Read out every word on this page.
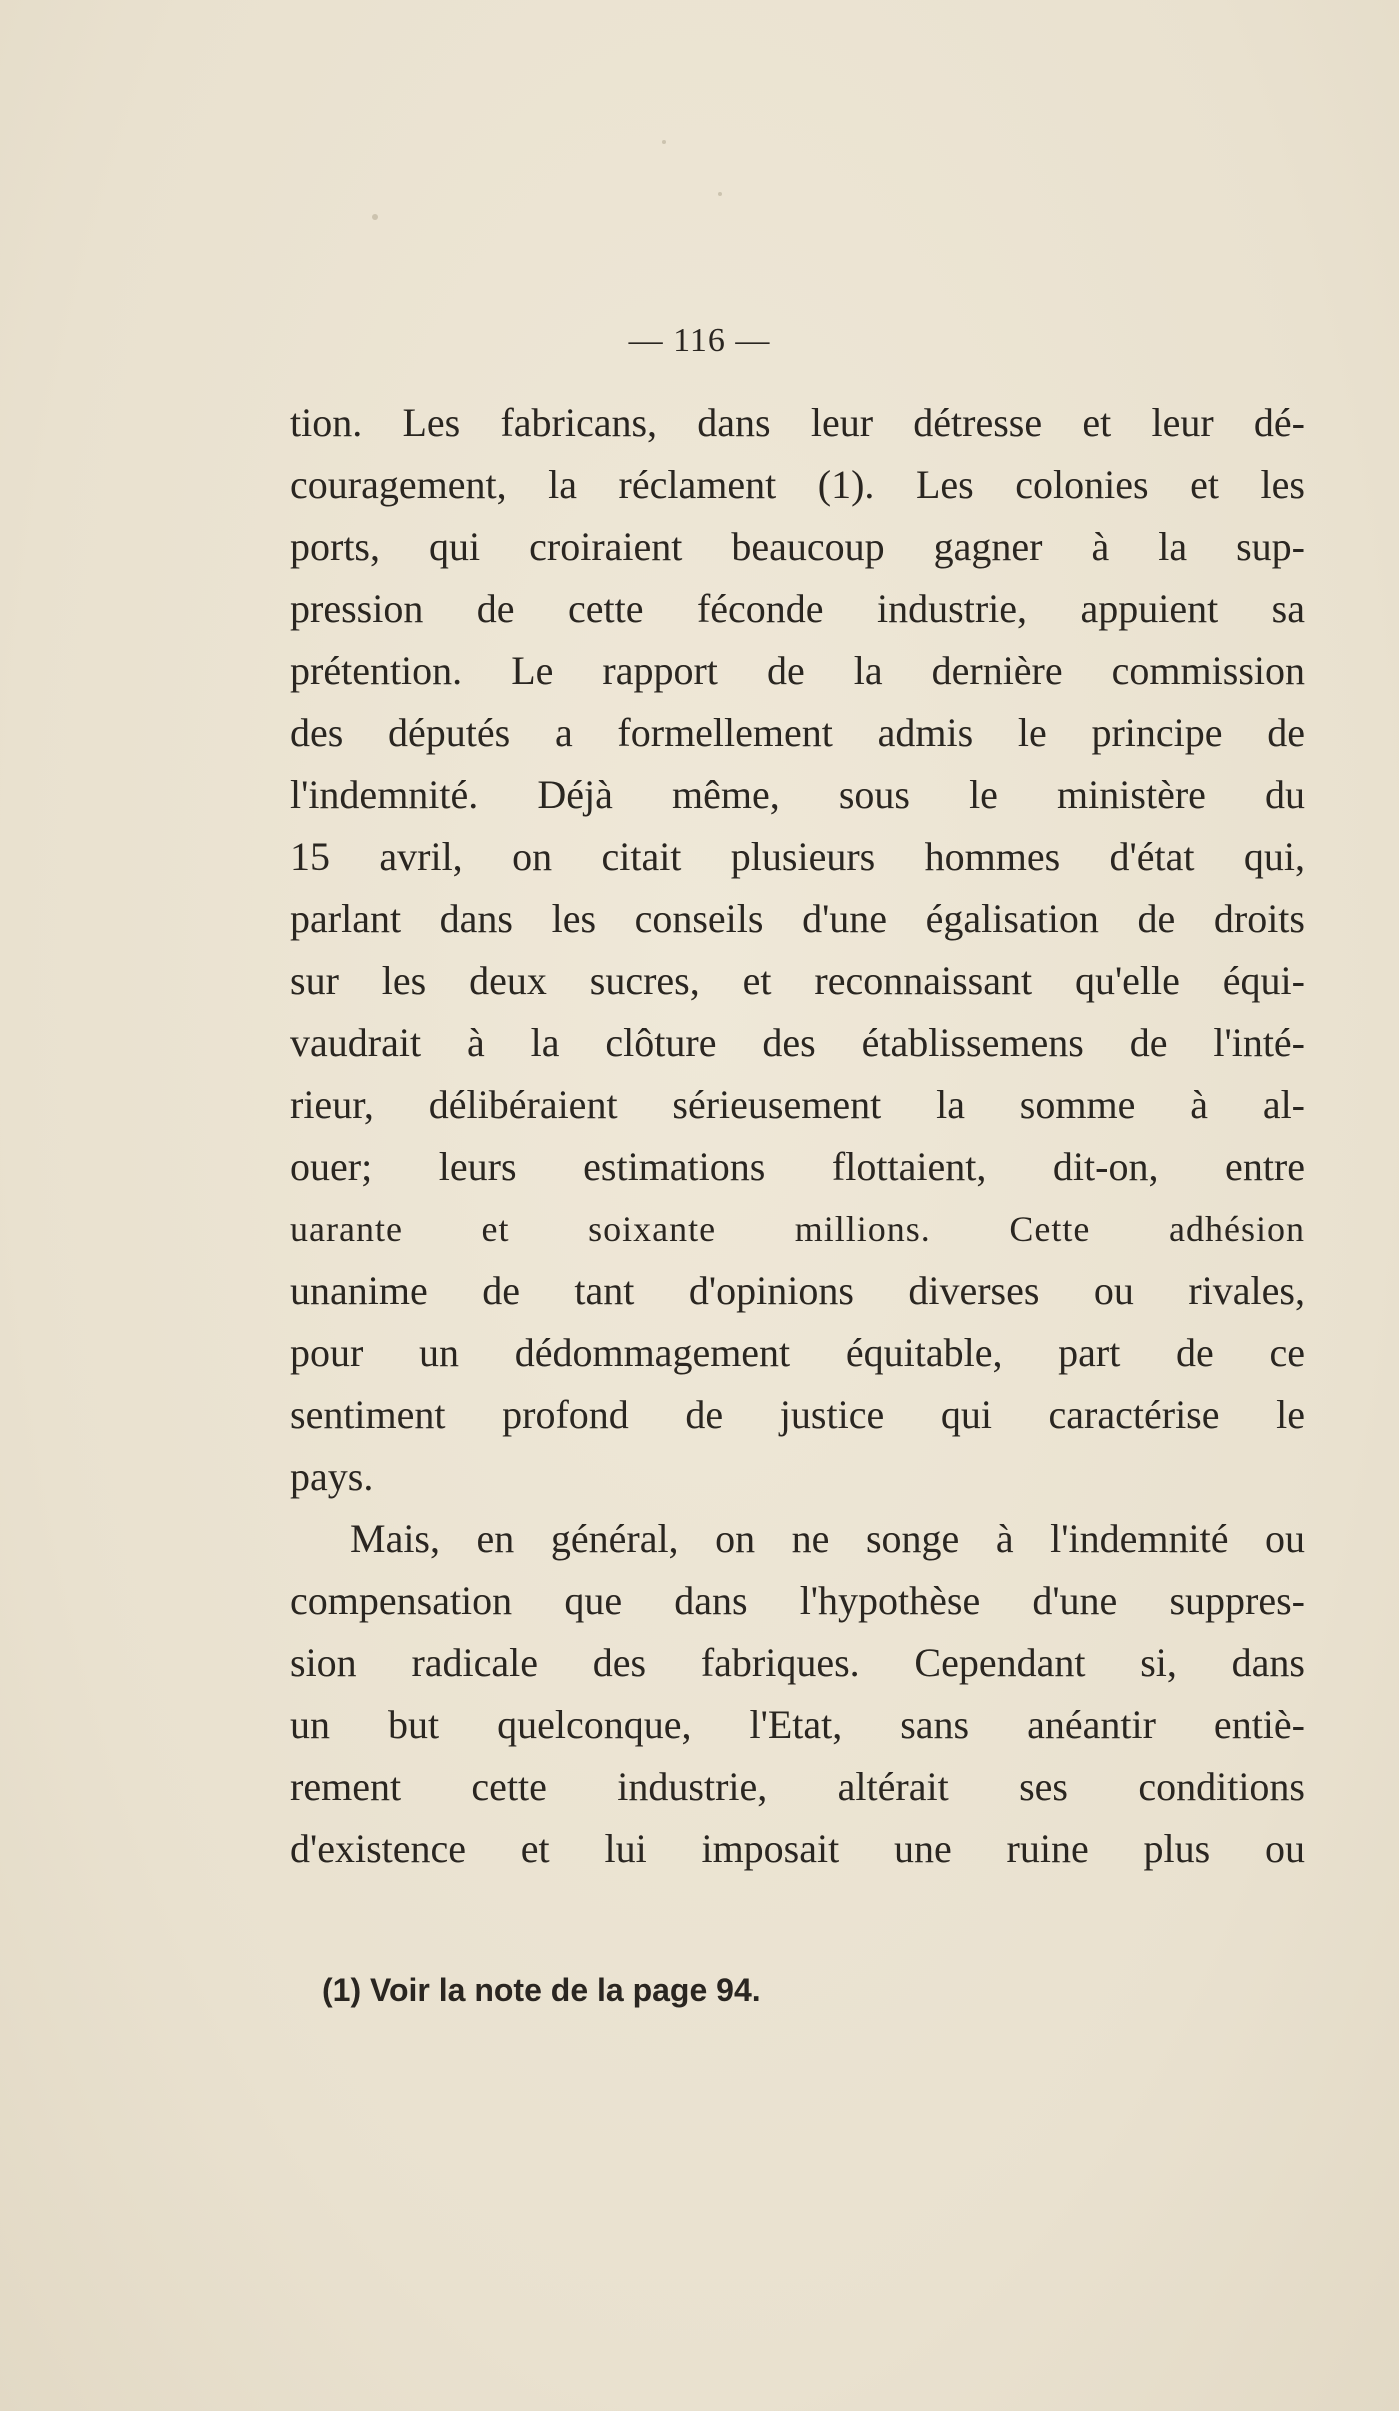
— 116 —
tion. Les fabricans, dans leur détresse et leur dé-
couragement, la réclament (1). Les colonies et les
ports, qui croiraient beaucoup gagner à la sup-
pression de cette féconde industrie, appuient sa
prétention. Le rapport de la dernière commission
des députés a formellement admis le principe de
l'indemnité. Déjà même, sous le ministère du
15 avril, on citait plusieurs hommes d'état qui,
parlant dans les conseils d'une égalisation de droits
sur les deux sucres, et reconnaissant qu'elle équi-
vaudrait à la clôture des établissemens de l'inté-
rieur, délibéraient sérieusement la somme à al-
ouer; leurs estimations flottaient, dit-on, entre
uarante et soixante millions. Cette adhésion
unanime de tant d'opinions diverses ou rivales,
pour un dédommagement équitable, part de ce
sentiment profond de justice qui caractérise le
pays.
Mais, en général, on ne songe à l'indemnité ou
compensation que dans l'hypothèse d'une suppres-
sion radicale des fabriques. Cependant si, dans
un but quelconque, l'Etat, sans anéantir entiè-
rement cette industrie, altérait ses conditions
d'existence et lui imposait une ruine plus ou
(1) Voir la note de la page 94.
